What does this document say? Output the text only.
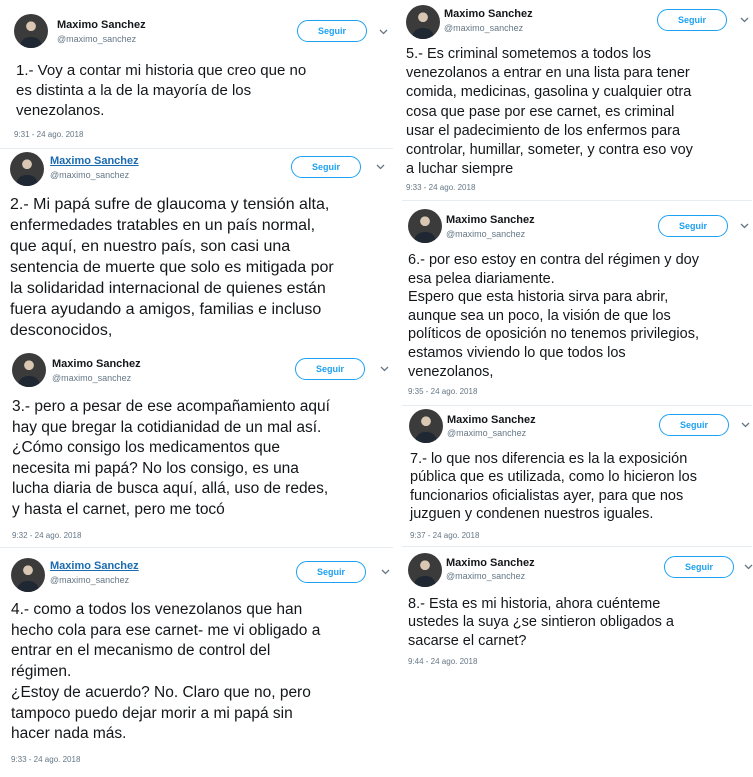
Maximo Sanchez
@maximo_sanchez
Seguir
1.- Voy a contar mi historia que creo que no
es distinta a la de la mayoría de los
venezolanos.
9:31 - 24 ago. 2018
Maximo Sanchez
@maximo_sanchez
Seguir
2.- Mi papá sufre de glaucoma y tensión alta,
enfermedades tratables en un país normal,
que aquí, en nuestro país, son casi una
sentencia de muerte que solo es mitigada por
la solidaridad internacional de quienes están
fuera ayudando a amigos, familias e incluso
desconocidos,
Maximo Sanchez
@maximo_sanchez
Seguir
3.- pero a pesar de ese acompañamiento aquí
hay que bregar la cotidianidad de un mal así.
¿Cómo consigo los medicamentos que
necesita mi papá? No los consigo, es una
lucha diaria de busca aquí, allá, uso de redes,
y hasta el carnet, pero me tocó
9:32 - 24 ago. 2018
Maximo Sanchez
@maximo_sanchez
Seguir
4.- como a todos los venezolanos que han
hecho cola para ese carnet- me vi obligado a
entrar en el mecanismo de control del
régimen.
¿Estoy de acuerdo? No. Claro que no, pero
tampoco puedo dejar morir a mi papá sin
hacer nada más.
9:33 - 24 ago. 2018
Maximo Sanchez
@maximo_sanchez
Seguir
5.- Es criminal sometemos a todos los
venezolanos a entrar en una lista para tener
comida, medicinas, gasolina y cualquier otra
cosa que pase por ese carnet, es criminal
usar el padecimiento de los enfermos para
controlar, humillar, someter, y contra eso voy
a luchar siempre
9:33 - 24 ago. 2018
Maximo Sanchez
@maximo_sanchez
Seguir
6.- por eso estoy en contra del régimen y doy
esa pelea diariamente.
Espero que esta historia sirva para abrir,
aunque sea un poco, la visión de que los
políticos de oposición no tenemos privilegios,
estamos viviendo lo que todos los
venezolanos,
9:35 - 24 ago. 2018
Maximo Sanchez
@maximo_sanchez
Seguir
7.- lo que nos diferencia es la la exposición
pública que es utilizada, como lo hicieron los
funcionarios oficialistas ayer, para que nos
juzguen y condenen nuestros iguales.
9:37 - 24 ago. 2018
Maximo Sanchez
@maximo_sanchez
Seguir
8.- Esta es mi historia, ahora cuénteme
ustedes la suya ¿se sintieron obligados a
sacarse el carnet?
9:44 - 24 ago. 2018
